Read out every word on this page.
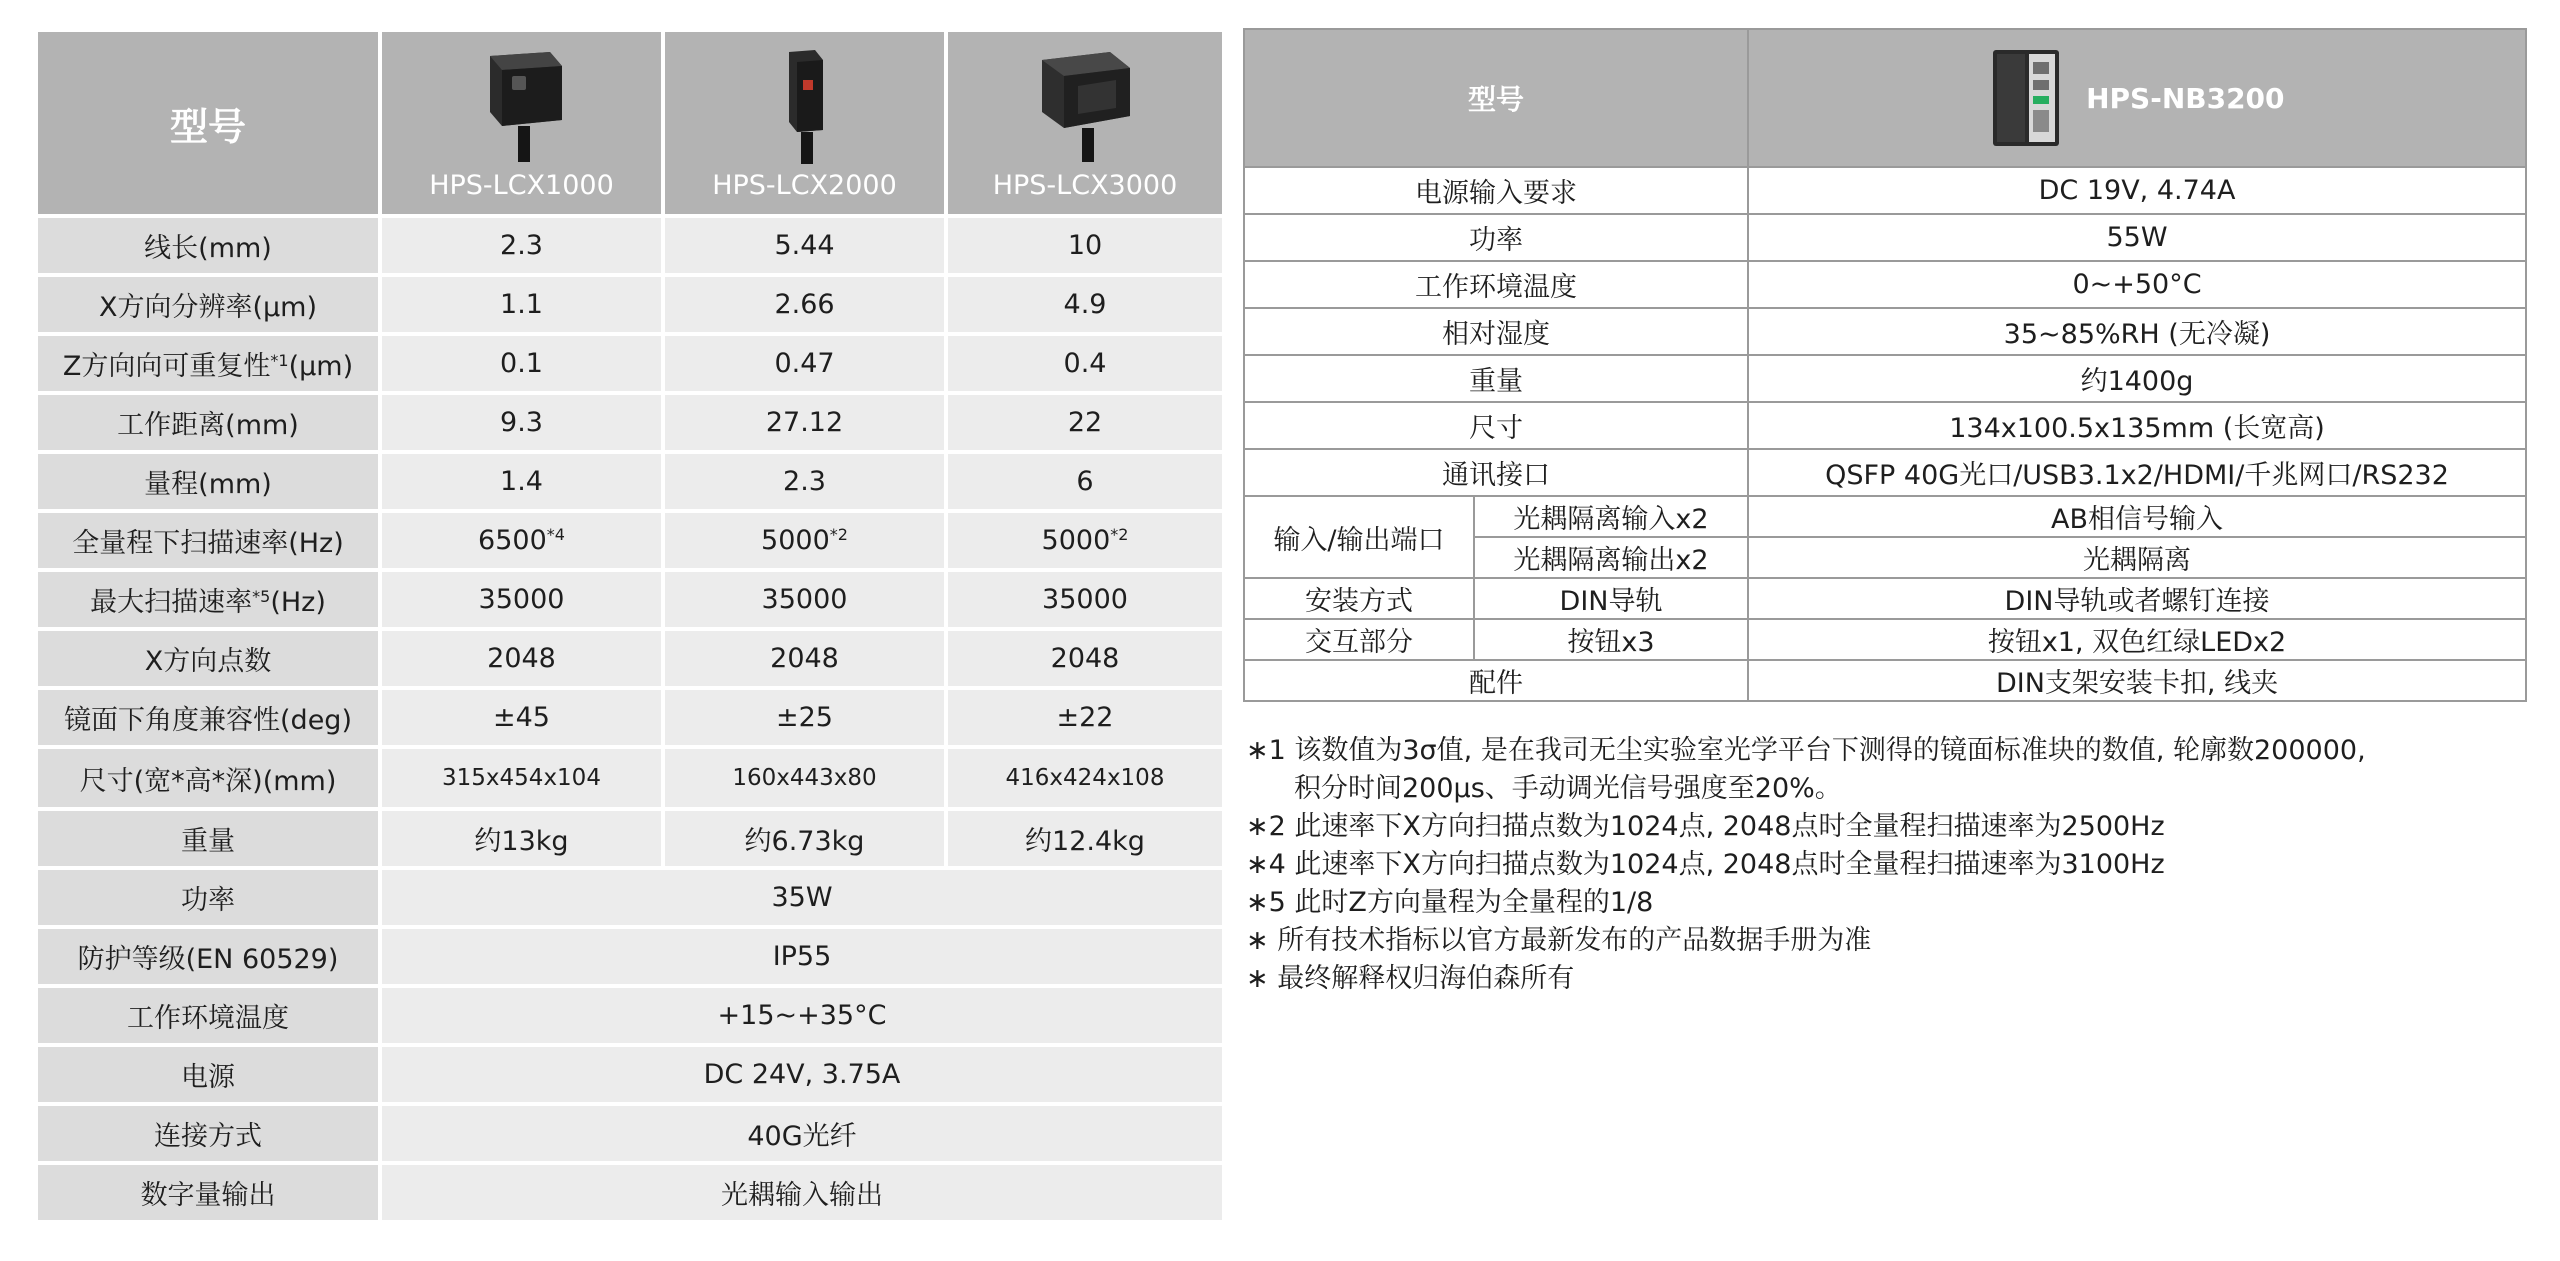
型号	HPS-LCX1000	HPS-LCX2000	HPS-LCX3000

线长(mm)	2.3	5.44	10
X方向分辨率(μm)	1.1	2.66	4.9
Z方向向可重复性$^{*1}$(μm)	0.1	0.47	0.4
工作距离(mm)	9.3	27.12	22
量程(mm)	1.4	2.3	6
全量程下扫描速率(Hz)	6500$^{*4}$	5000$^{*2}$	5000$^{*2}$
最大扫描速率$^{*5}$(Hz)	35000	35000	35000
X方向点数	2048	2048	2048
镜面下角度兼容性(deg)	±45	±25	±22
尺寸(宽*高*深)(mm)	315x454x104	160x443x80	416x424x108
重量	约13kg	约6.73kg	约12.4kg
功率	35W		
防护等级(EN 60529)	IP55		
工作环境温度	+15~+35°C		
电源	DC 24V, 3.75A		
连接方式	40G光纤		
数字量输出	光耦输入输出		
型号		HPS-NB3200
电源输入要求		DC 19V, 4.74A
功率		55W
工作环境温度		0~+50°C
相对湿度		35~85%RH (无冷凝)
重量		约1400g
尺寸		134x100.5x135mm (长宽高)
通讯接口		QSFP 40G光口/USB3.1x2/HDMI/千兆网口/RS232
输入/输出端口	光耦隔离输入x2	AB相信号输入
	光耦隔离输出x2	光耦隔离
安装方式	DIN导轨	DIN导轨或者螺钉连接
交互部分	按钮x3	按钮x1, 双色红绿LEDx2
配件		DIN支架安装卡扣, 线夹
∗1 该数值为3σ值, 是在我司无尘实验室光学平台下测得的镜面标准块的数值, 轮廓数200000,
积分时间200μs、手动调光信号强度至20%。
∗2 此速率下X方向扫描点数为1024点, 2048点时全量程扫描速率为2500Hz
∗4 此速率下X方向扫描点数为1024点, 2048点时全量程扫描速率为3100Hz
∗5 此时Z方向量程为全量程的1/8
∗ 所有技术指标以官方最新发布的产品数据手册为准
∗ 最终解释权归海伯森所有
